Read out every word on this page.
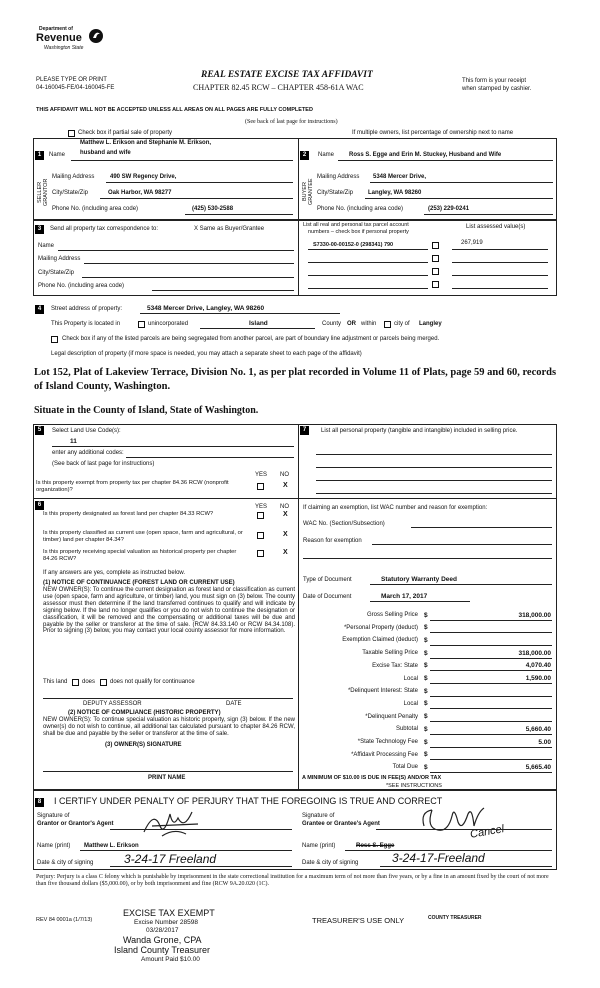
Department of
Revenue
Washington State
PLEASE TYPE OR PRINT
04-160045-FE/04-160045-FE
REAL ESTATE EXCISE TAX AFFIDAVIT
CHAPTER 82.45 RCW – CHAPTER 458-61A WAC
This form is your receipt
when stamped by cashier.
THIS AFFIDAVIT WILL NOT BE ACCEPTED UNLESS ALL AREAS ON ALL PAGES ARE FULLY COMPLETED
(See back of last page for instructions)
Check box if partial sale of property	If multiple owners, list percentage of ownership next to name
1
SELLER GRANTOR
Name
Matthew L. Erikson and Stephanie M. Erikson,
husband and wife
Mailing Address	490 SW Regency Drive,
City/State/Zip	Oak Harbor, WA 98277
Phone No. (including area code)	(425) 530-2588
2
BUYER GRANTEE
Name Ross S. Egge and Erin M. Stuckey, Husband and Wife
Mailing Address 5348 Mercer Drive,
City/State/Zip Langley, WA 98260
Phone No. (including area code)	(253) 229-0241
3	Send all property tax correspondence to:	X Same as Buyer/Grantee
Name
Mailing Address
City/State/Zip
Phone No. (including area code)
List all real and personal tax parcel account
numbers – check box if personal property
List assessed value(s)
S7330-00-00152-0 (298341) 790	267,919
4	Street address of property:	5348 Mercer Drive, Langley, WA 98260
This Property is located in	unincorporated	Island	County OR within	city of Langley
Check box if any of the listed parcels are being segregated from another parcel, are part of boundary line adjustment or parcels being merged.
Legal description of property (if more space is needed, you may attach a separate sheet to each page of the affidavit)
Lot 152, Plat of Lakeview Terrace, Division No. 1, as per plat recorded in Volume 11 of Plats, page 59 and 60, records of Island County, Washington.
Situate in the County of Island, State of Washington.
5	Select Land Use Code(s):
11
enter any additional codes:
(See back of last page for instructions)
YES NO
Is this property exempt from property tax per chapter 84.36 RCW (nonprofit organization)?
X
6	YES NO
Is this property designated as forest land per chapter 84.33 RCW?	X
Is this property classified as current use (open space, farm and agricultural, or timber) land per chapter 84.34?
X
Is this property receiving special valuation as historical property per chapter 84.26 RCW?
X
If any answers are yes, complete as instructed below.
(1) NOTICE OF CONTINUANCE (FOREST LAND OR CURRENT USE)
NEW OWNER(S): To continue the current designation as forest land or classification as current use (open space, farm and agriculture, or timber) land, you must sign on (3) below. The county assessor must then determine if the land transferred continues to qualify and will indicate by signing below. If the land no longer qualifies or you do not wish to continue the designation or classification, it will be removed and the compensating or additional taxes will be due and payable by the seller or transferor at the time of sale. (RCW 84.33.140 or RCW 84.34.108). Prior to signing (3) below, you may contact your local county assessor for more information.
This land does does not qualify for continuance
DEPUTY ASSESSOR	DATE
(2) NOTICE OF COMPLIANCE (HISTORIC PROPERTY)
NEW OWNER(S): To continue special valuation as historic property, sign (3) below. If the new owner(s) do not wish to continue, all additional tax calculated pursuant to chapter 84.26 RCW, shall be due and payable by the seller or transferor at the time of sale.
(3) OWNER(S) SIGNATURE
PRINT NAME
7	List all personal property (tangible and intangible) included in selling price.
If claiming an exemption, list WAC number and reason for exemption:
WAC No. (Section/Subsection)
Reason for exemption
Type of Document	Statutory Warranty Deed
Date of Document	March 17, 2017
Gross Selling Price $	318,000.00
*Personal Property (deduct) $
Exemption Claimed (deduct) $
Taxable Selling Price $	318,000.00
Excise Tax: State $	4,070.40
Local $	1,590.00
*Delinquent Interest: State $
Local $
*Delinquent Penalty $
Subtotal $	5,660.40
*State Technology Fee $	5.00
*Affidavit Processing Fee $
Total Due $	5,665.40
A MINIMUM OF $10.00 IS DUE IN FEE(S) AND/OR TAX
*SEE INSTRUCTIONS
8	I CERTIFY UNDER PENALTY OF PERJURY THAT THE FOREGOING IS TRUE AND CORRECT
Signature of
Grantor or Grantor's Agent
Signature of
Grantee or Grantee's Agent	Cancel
Name (print) Matthew L. Erikson	Name (print)	Ross S. Egge
Date & city of signing	3-24-17 Freeland	Date & city of signing	3-24-17-Freeland
Perjury: Perjury is a class C felony which is punishable by imprisonment in the state correctional institution for a maximum term of not more than five years, or by a fine in an amount fixed by the court of not more than five thousand dollars ($5,000.00), or by both imprisonment and fine (RCW 9A.20.020 (1C).
REV 84 0001a (1/7/13)
EXCISE TAX EXEMPT
Excise Number 28598
03/28/2017
Wanda Grone, CPA
Island County Treasurer
Amount Paid $10.00
TREASURER'S USE ONLY	COUNTY TREASURER
